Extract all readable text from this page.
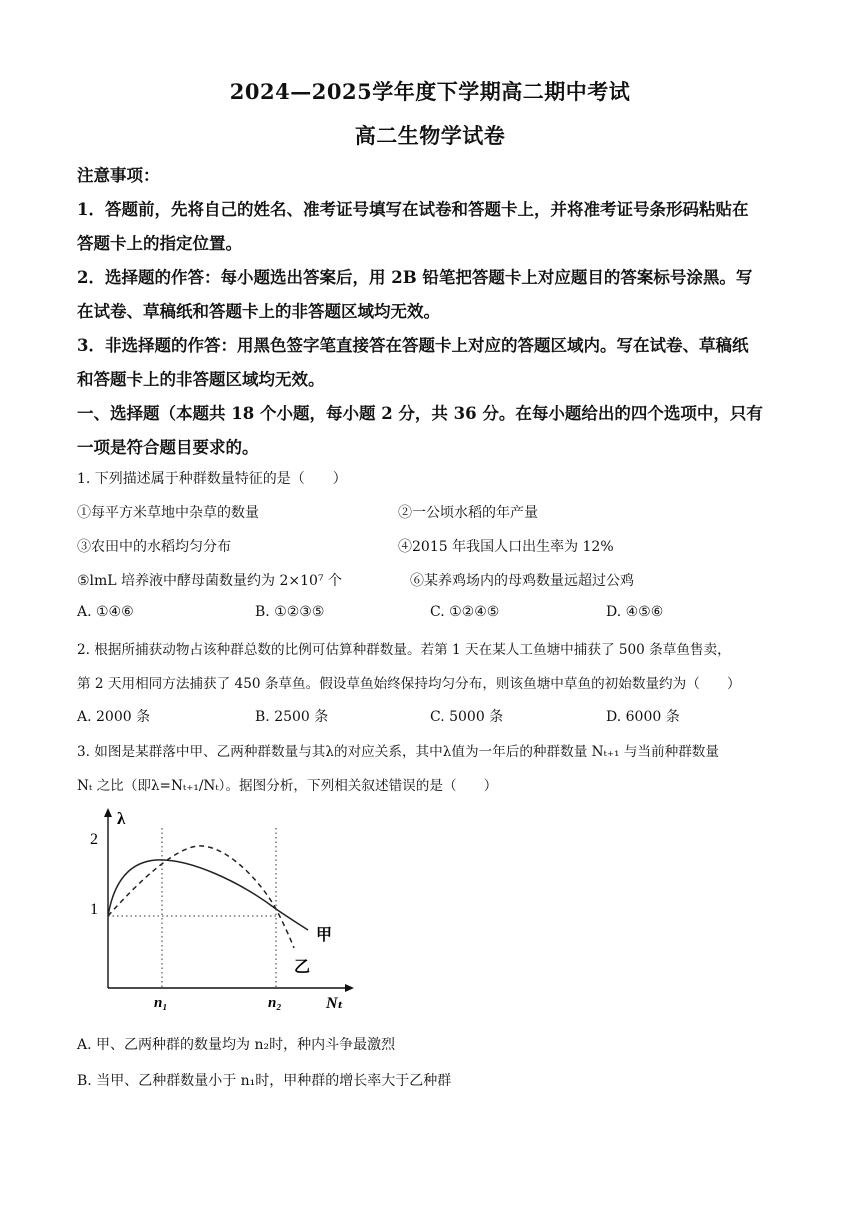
2024—2025学年度下学期高二期中考试
高二生物学试卷
注意事项：
1．答题前，先将自己的姓名、准考证号填写在试卷和答题卡上，并将准考证号条形码粘贴在
答题卡上的指定位置。
2．选择题的作答：每小题选出答案后，用 2B 铅笔把答题卡上对应题目的答案标号涂黑。写
在试卷、草稿纸和答题卡上的非答题区域均无效。
3．非选择题的作答：用黑色签字笔直接答在答题卡上对应的答题区域内。写在试卷、草稿纸
和答题卡上的非答题区域均无效。
一、选择题（本题共 18 个小题，每小题 2 分，共 36 分。在每小题给出的四个选项中，只有
一项是符合题目要求的。
1. 下列描述属于种群数量特征的是（　　）
①每平方米草地中杂草的数量	②一公顷水稻的年产量
③农田中的水稻均匀分布	④2015 年我国人口出生率为 12%
⑤lmL 培养液中酵母菌数量约为 2×10⁷ 个	⑥某养鸡场内的母鸡数量远超过公鸡
A. ①④⑥	B. ①②③⑤	C. ①②④⑤	D. ④⑤⑥
2. 根据所捕获动物占该种群总数的比例可估算种群数量。若第 1 天在某人工鱼塘中捕获了 500 条草鱼售卖，
第 2 天用相同方法捕获了 450 条草鱼。假设草鱼始终保持均匀分布，则该鱼塘中草鱼的初始数量约为（　　）
A. 2000 条	B. 2500 条	C. 5000 条	D. 6000 条
3. 如图是某群落中甲、乙两种群数量与其λ的对应关系，其中λ值为一年后的种群数量 Nₜ₊₁ 与当前种群数量
Nₜ 之比（即λ=Nₜ₊₁/Nₜ）。据图分析，下列相关叙述错误的是（　　）
λ
2
1
n₁	n₂	Nₜ
甲
乙
A. 甲、乙两种群的数量均为 n₂时，种内斗争最激烈
B. 当甲、乙种群数量小于 n₁时，甲种群的增长率大于乙种群
